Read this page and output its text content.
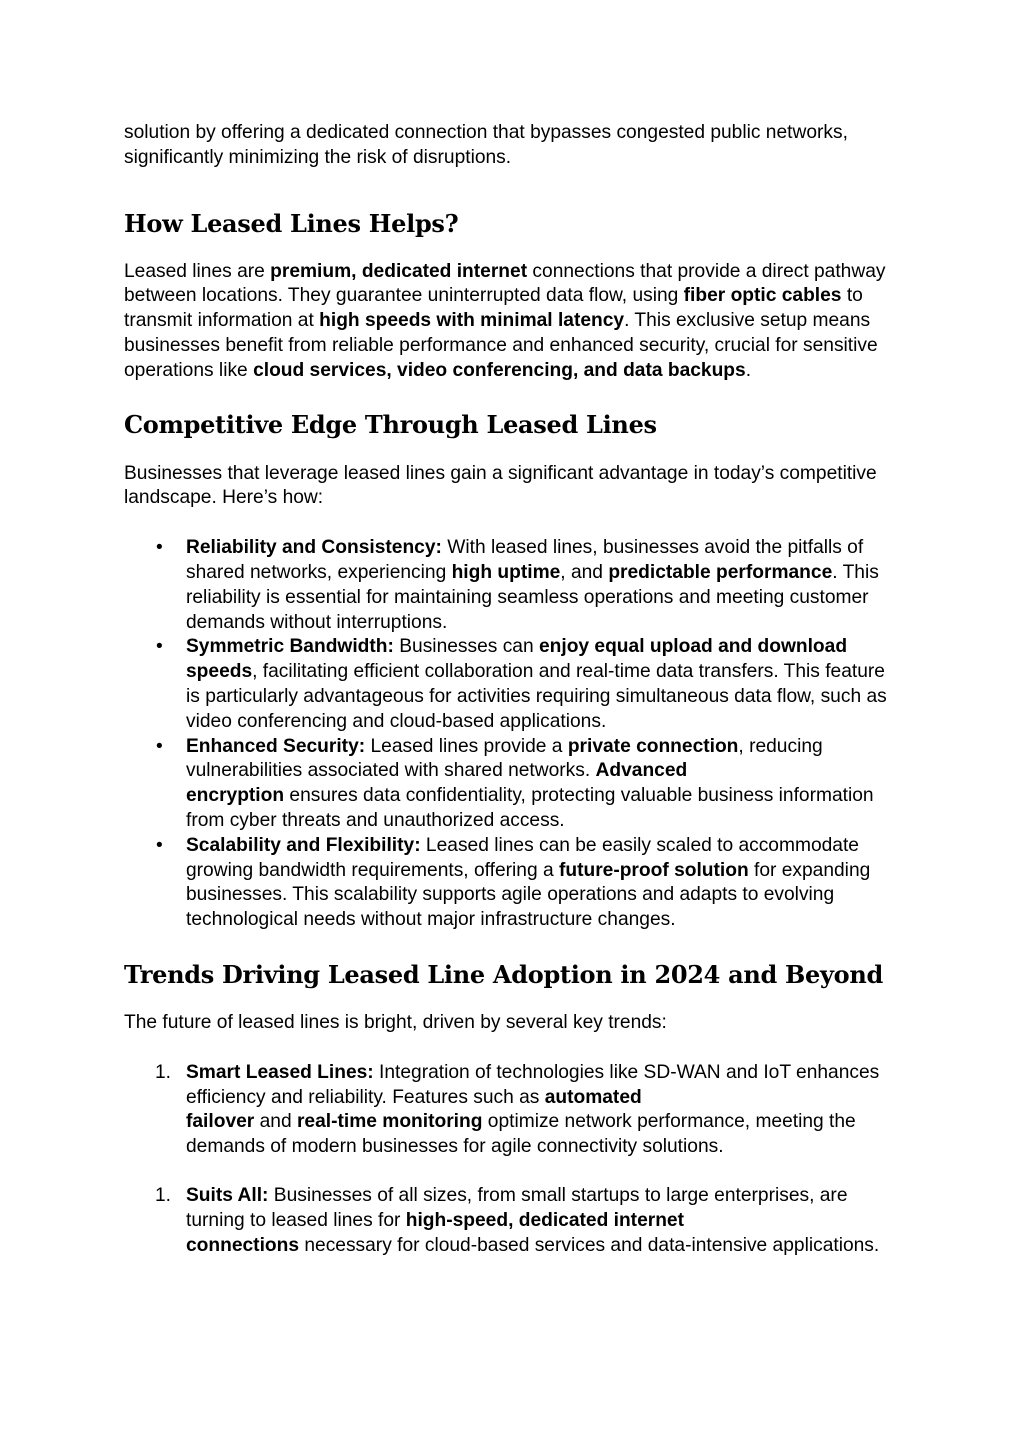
solution by offering a dedicated connection that bypasses congested public networks, significantly minimizing the risk of disruptions.

How Leased Lines Helps?

Leased lines are premium, dedicated internet connections that provide a direct pathway between locations. They guarantee uninterrupted data flow, using fiber optic cables to transmit information at high speeds with minimal latency. This exclusive setup means businesses benefit from reliable performance and enhanced security, crucial for sensitive operations like cloud services, video conferencing, and data backups.

Competitive Edge Through Leased Lines

Businesses that leverage leased lines gain a significant advantage in today’s competitive landscape. Here’s how:

• Reliability and Consistency: With leased lines, businesses avoid the pitfalls of shared networks, experiencing high uptime, and predictable performance. This reliability is essential for maintaining seamless operations and meeting customer demands without interruptions.
• Symmetric Bandwidth: Businesses can enjoy equal upload and download speeds, facilitating efficient collaboration and real-time data transfers. This feature is particularly advantageous for activities requiring simultaneous data flow, such as video conferencing and cloud-based applications.
• Enhanced Security: Leased lines provide a private connection, reducing vulnerabilities associated with shared networks. Advanced
encryption ensures data confidentiality, protecting valuable business information from cyber threats and unauthorized access.
• Scalability and Flexibility: Leased lines can be easily scaled to accommodate growing bandwidth requirements, offering a future-proof solution for expanding businesses. This scalability supports agile operations and adapts to evolving technological needs without major infrastructure changes.
Trends Driving Leased Line Adoption in 2024 and Beyond

The future of leased lines is bright, driven by several key trends:

1. Smart Leased Lines: Integration of technologies like SD-WAN and IoT enhances efficiency and reliability. Features such as automated
failover and real-time monitoring optimize network performance, meeting the demands of modern businesses for agile connectivity solutions.
1. Suits All: Businesses of all sizes, from small startups to large enterprises, are turning to leased lines for high-speed, dedicated internet
connections necessary for cloud-based services and data-intensive applications.
